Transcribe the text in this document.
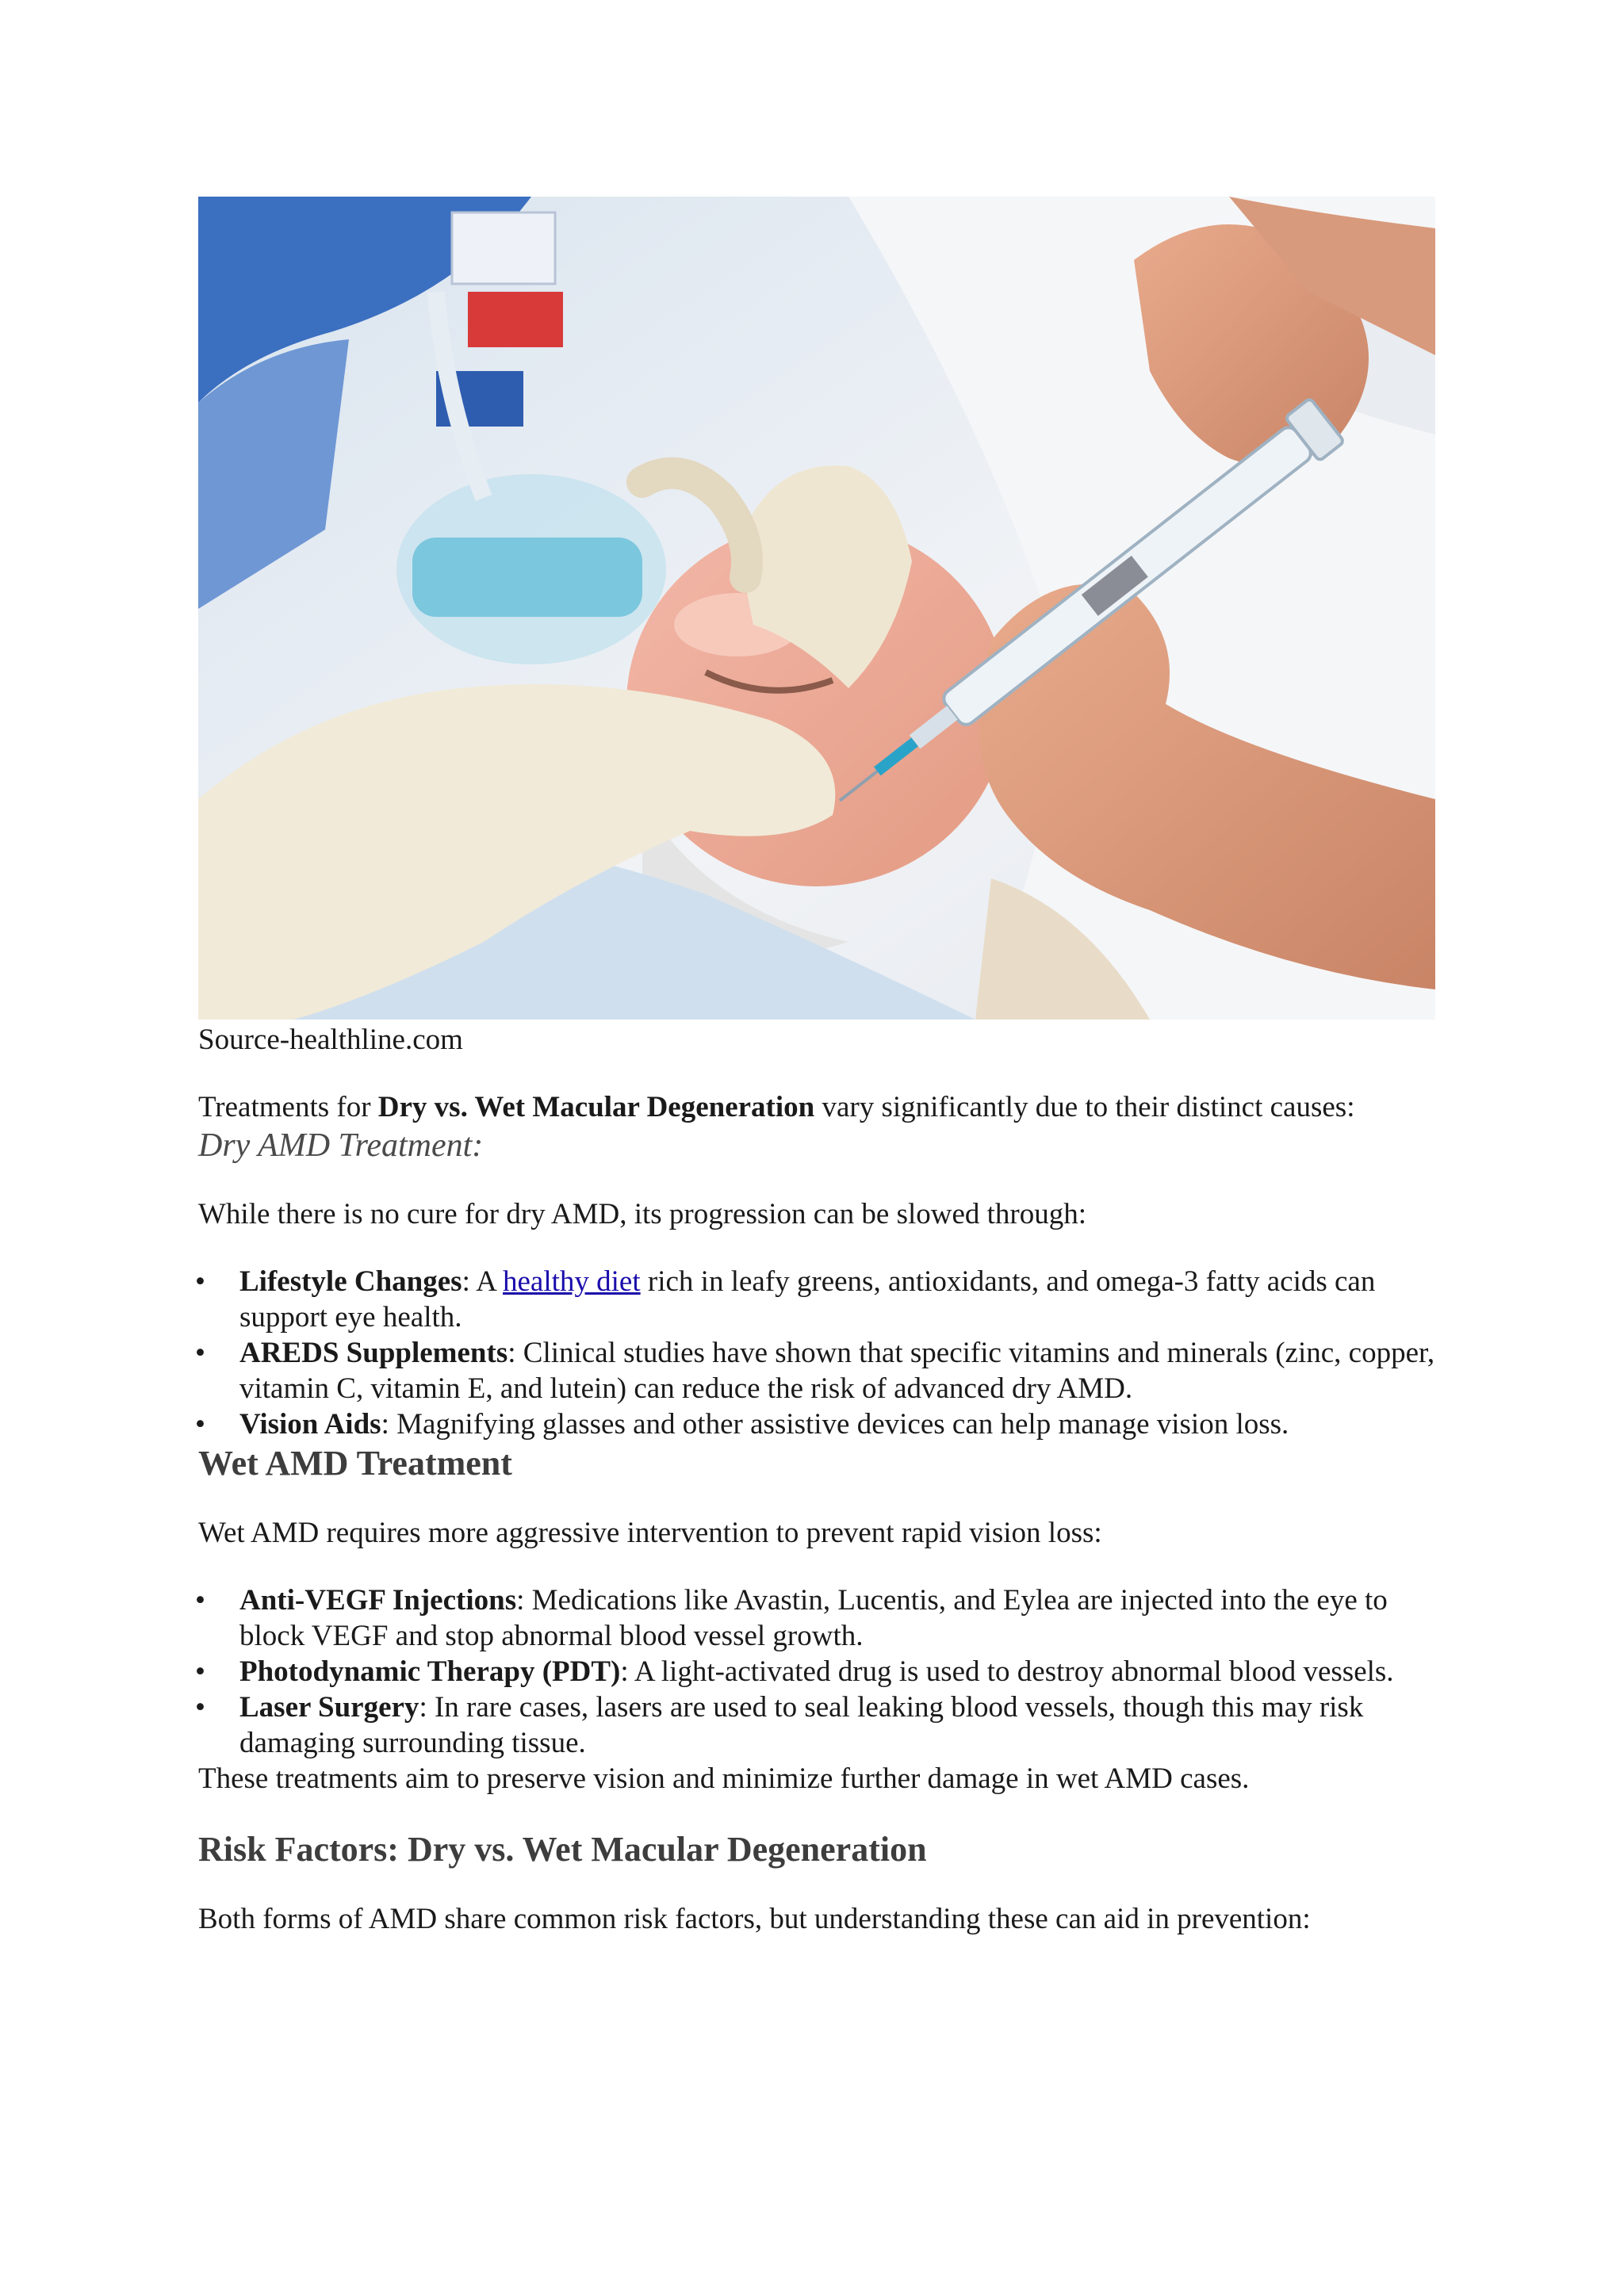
Source-healthline.com

Treatments for Dry vs. Wet Macular Degeneration vary significantly due to their distinct causes:

Dry AMD Treatment:

While there is no cure for dry AMD, its progression can be slowed through:

• Lifestyle Changes: A healthy diet rich in leafy greens, antioxidants, and omega-3 fatty acids can support eye health.
• AREDS Supplements: Clinical studies have shown that specific vitamins and minerals (zinc, copper, vitamin C, vitamin E, and lutein) can reduce the risk of advanced dry AMD.
• Vision Aids: Magnifying glasses and other assistive devices can help manage vision loss.
Wet AMD Treatment

Wet AMD requires more aggressive intervention to prevent rapid vision loss:

• Anti-VEGF Injections: Medications like Avastin, Lucentis, and Eylea are injected into the eye to block VEGF and stop abnormal blood vessel growth.
• Photodynamic Therapy (PDT): A light-activated drug is used to destroy abnormal blood vessels.
• Laser Surgery: In rare cases, lasers are used to seal leaking blood vessels, though this may risk damaging surrounding tissue.

These treatments aim to preserve vision and minimize further damage in wet AMD cases.

Risk Factors: Dry vs. Wet Macular Degeneration

Both forms of AMD share common risk factors, but understanding these can aid in prevention:
